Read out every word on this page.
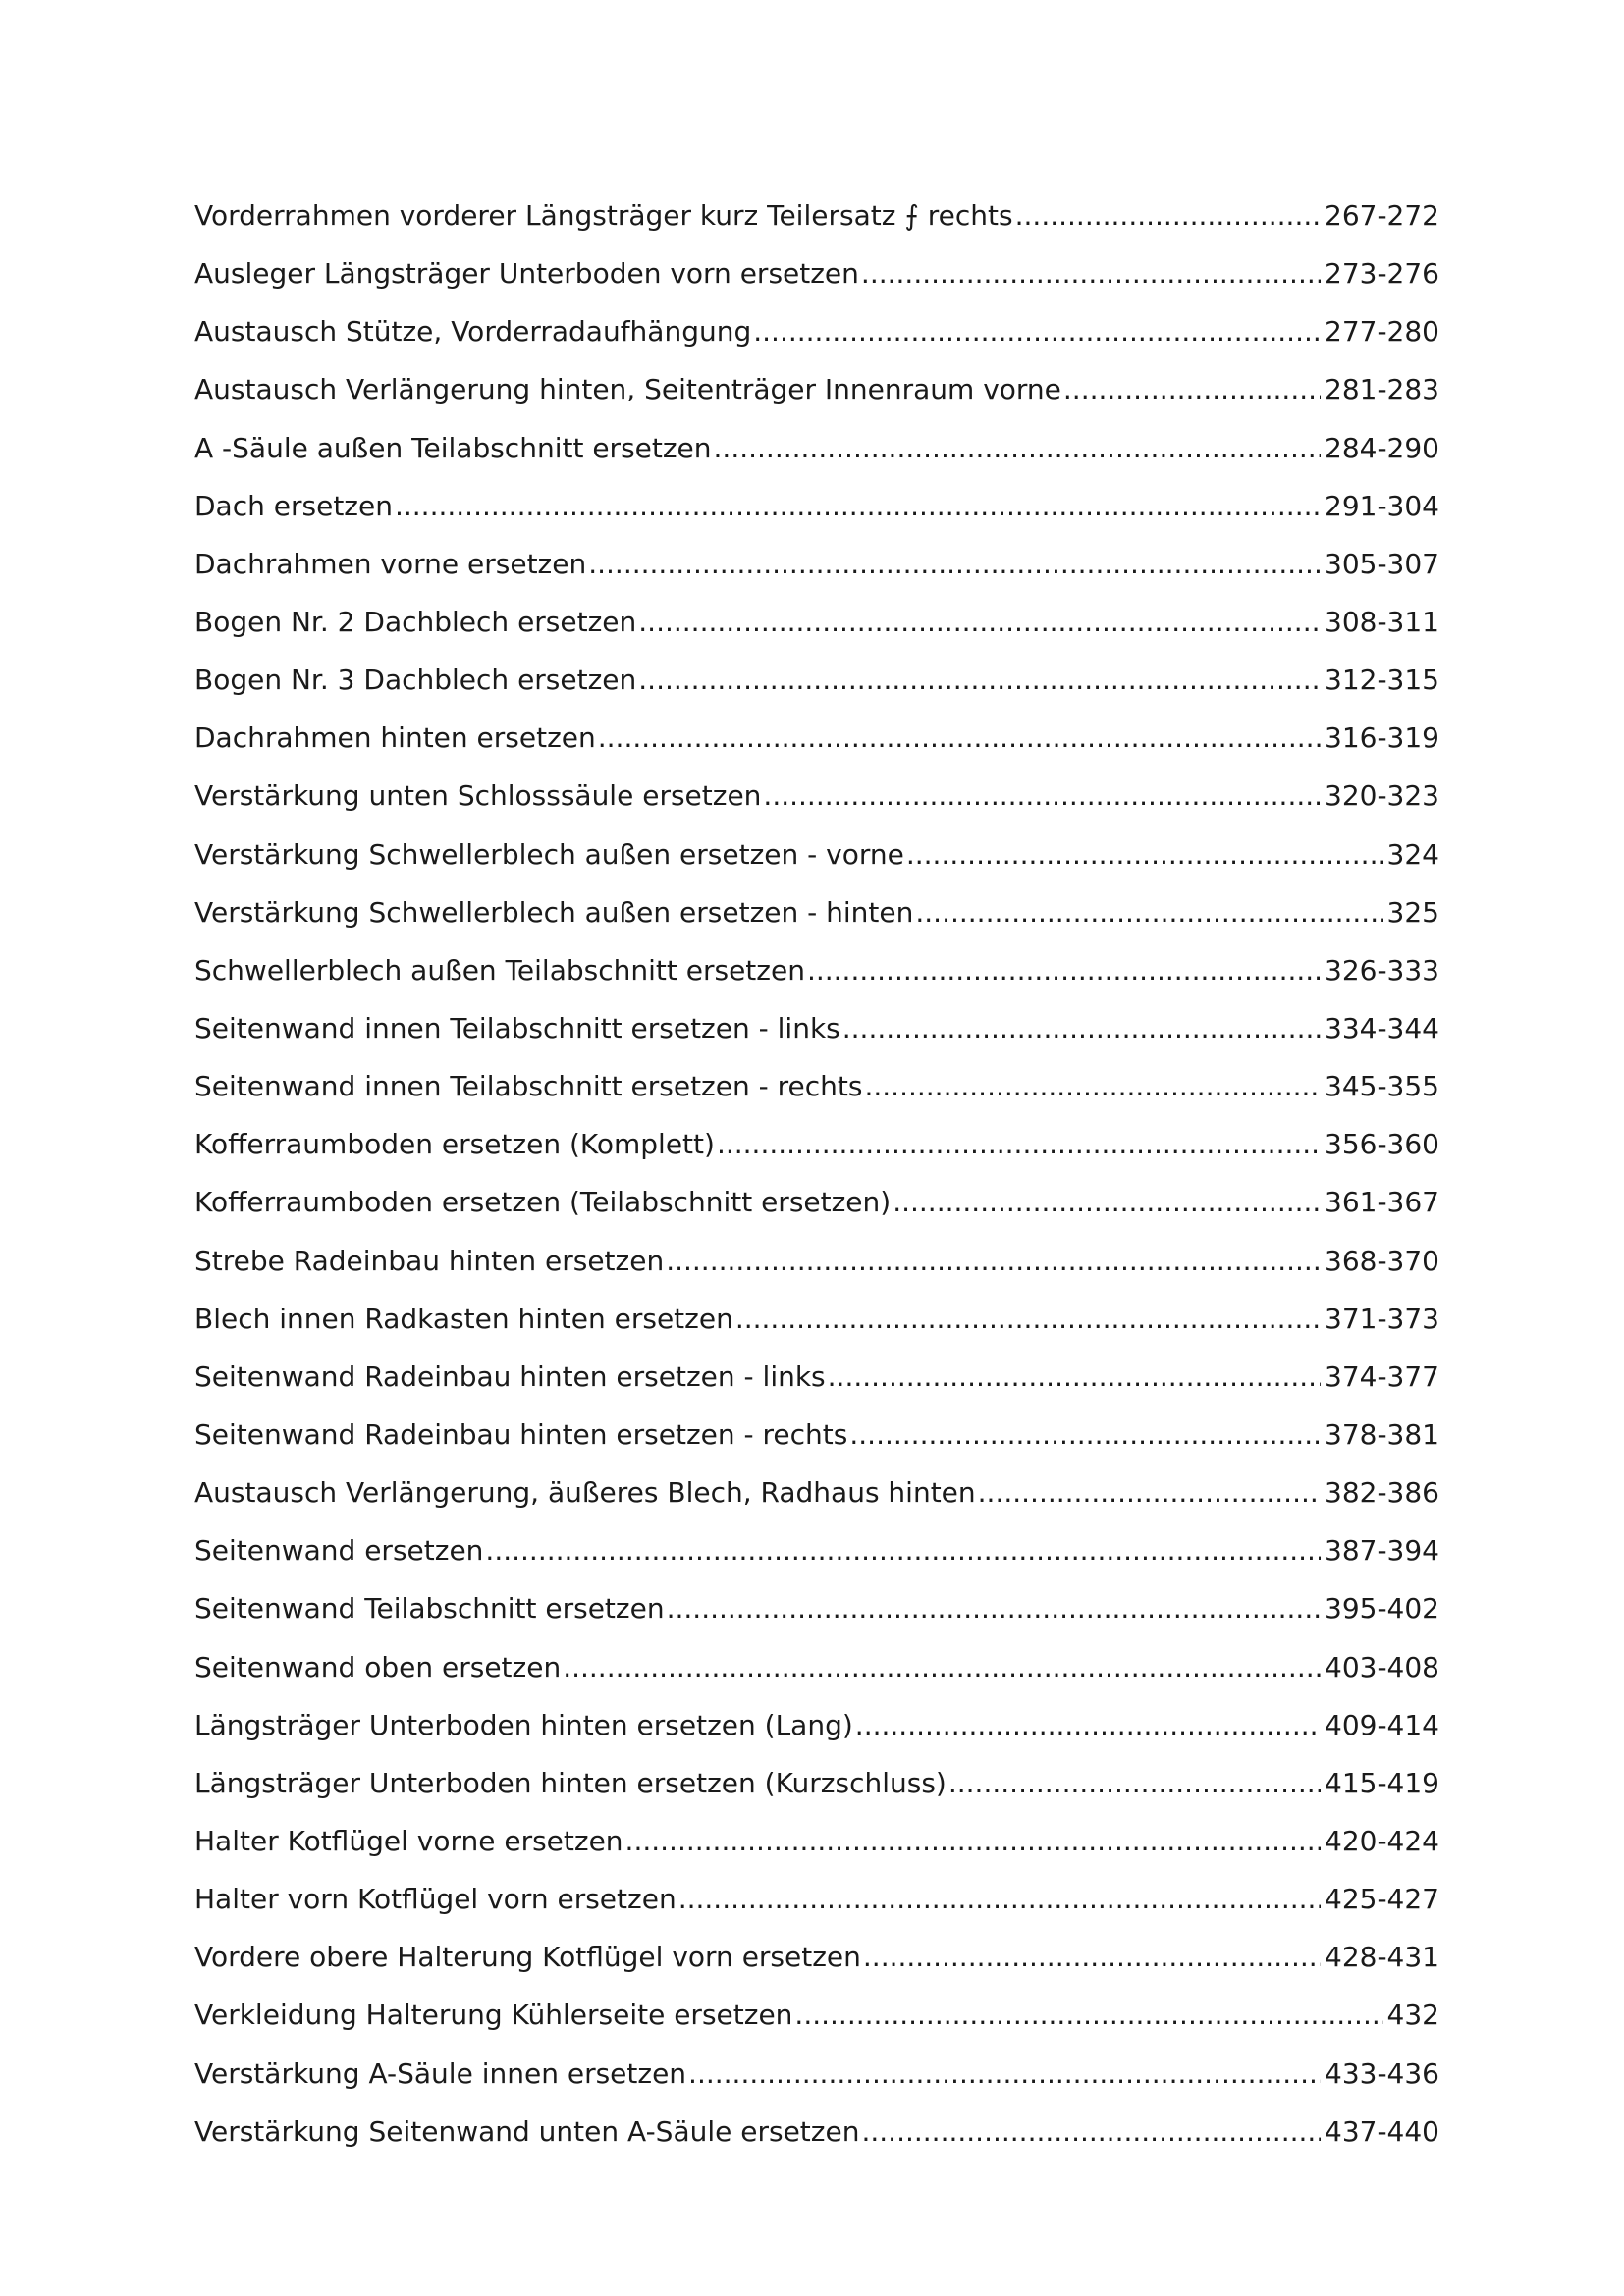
Vorderrahmen vorderer Längsträger kurz Teilersatz ⨍ rechts .....	267-272
Ausleger Längsträger Unterboden vorn ersetzen .....	273-276
Austausch Stütze, Vorderradaufhängung .....	277-280
Austausch Verlängerung hinten, Seitenträger Innenraum vorne .....	281-283
A -Säule außen Teilabschnitt ersetzen .....	284-290
Dach ersetzen .....	291-304
Dachrahmen vorne ersetzen .....	305-307
Bogen Nr. 2 Dachblech ersetzen .....	308-311
Bogen Nr. 3 Dachblech ersetzen .....	312-315
Dachrahmen hinten ersetzen .....	316-319
Verstärkung unten Schlosssäule ersetzen .....	320-323
Verstärkung Schwellerblech außen ersetzen - vorne .....	324
Verstärkung Schwellerblech außen ersetzen - hinten .....	325
Schwellerblech außen Teilabschnitt ersetzen .....	326-333
Seitenwand innen Teilabschnitt ersetzen - links .....	334-344
Seitenwand innen Teilabschnitt ersetzen - rechts .....	345-355
Kofferraumboden ersetzen (Komplett) .....	356-360
Kofferraumboden ersetzen (Teilabschnitt ersetzen) .....	361-367
Strebe Radeinbau hinten ersetzen .....	368-370
Blech innen Radkasten hinten ersetzen .....	371-373
Seitenwand Radeinbau hinten ersetzen - links .....	374-377
Seitenwand Radeinbau hinten ersetzen - rechts .....	378-381
Austausch Verlängerung, äußeres Blech, Radhaus hinten .....	382-386
Seitenwand ersetzen .....	387-394
Seitenwand Teilabschnitt ersetzen .....	395-402
Seitenwand oben ersetzen .....	403-408
Längsträger Unterboden hinten ersetzen (Lang) .....	409-414
Längsträger Unterboden hinten ersetzen (Kurzschluss) .....	415-419
Halter Kotflügel vorne ersetzen .....	420-424
Halter vorn Kotflügel vorn ersetzen .....	425-427
Vordere obere Halterung Kotflügel vorn ersetzen .....	428-431
Verkleidung Halterung Kühlerseite ersetzen .....	432
Verstärkung A-Säule innen ersetzen .....	433-436
Verstärkung Seitenwand unten A-Säule ersetzen .....	437-440
